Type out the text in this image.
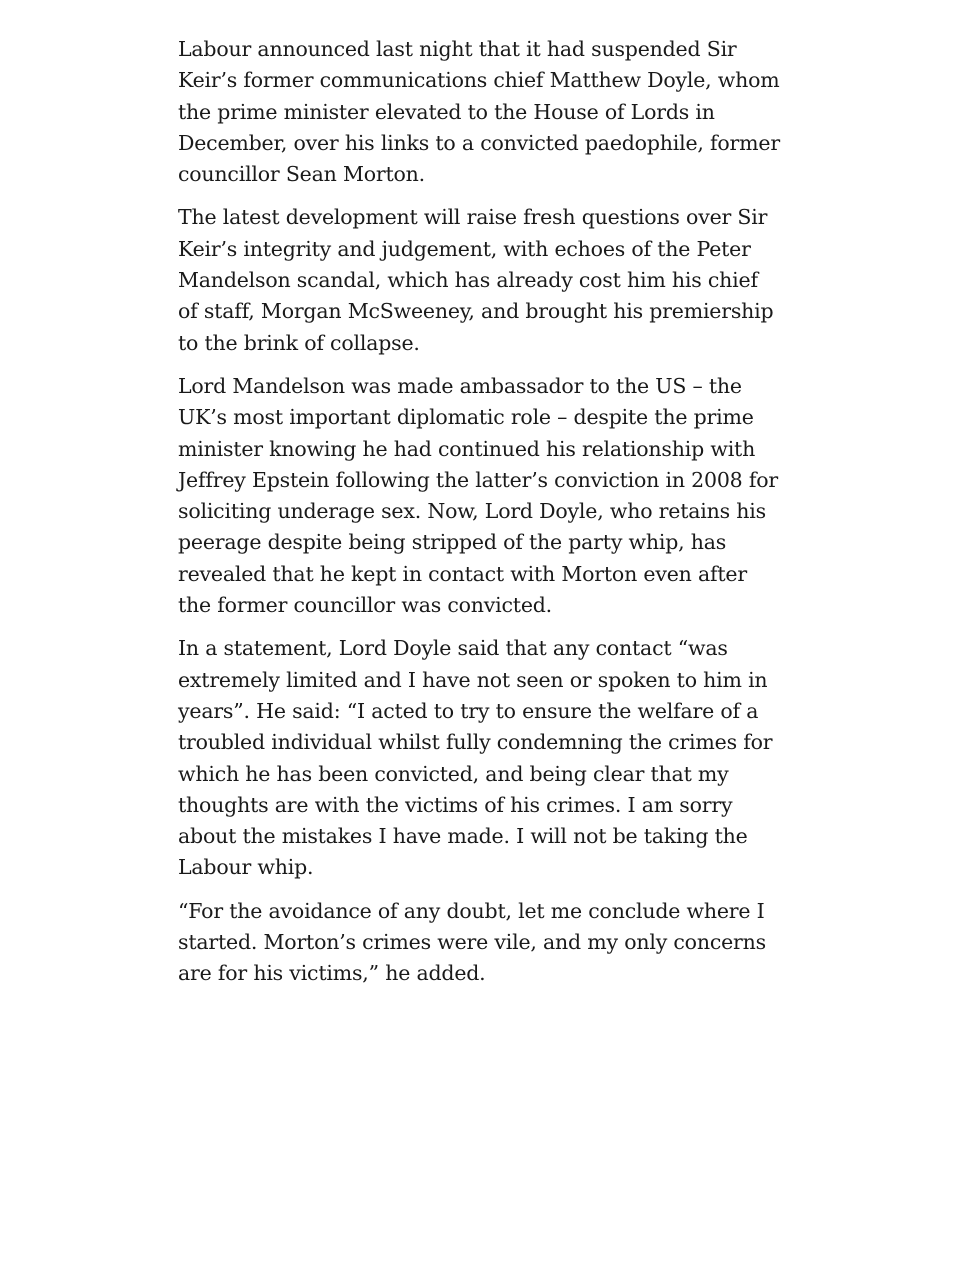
Labour announced last night that it had suspended Sir Keir’s former communications chief Matthew Doyle, whom the prime minister elevated to the House of Lords in December, over his links to a convicted paedophile, former councillor Sean Morton.

The latest development will raise fresh questions over Sir Keir’s integrity and judgement, with echoes of the Peter Mandelson scandal, which has already cost him his chief of staff, Morgan McSweeney, and brought his premiership to the brink of collapse.

Lord Mandelson was made ambassador to the US – the UK’s most important diplomatic role – despite the prime minister knowing he had continued his relationship with Jeffrey Epstein following the latter’s conviction in 2008 for soliciting underage sex. Now, Lord Doyle, who retains his peerage despite being stripped of the party whip, has revealed that he kept in contact with Morton even after the former councillor was convicted.

In a statement, Lord Doyle said that any contact “was extremely limited and I have not seen or spoken to him in years”. He said: “I acted to try to ensure the welfare of a troubled individual whilst fully condemning the crimes for which he has been convicted, and being clear that my thoughts are with the victims of his crimes. I am sorry about the mistakes I have made. I will not be taking the Labour whip.

“For the avoidance of any doubt, let me conclude where I started. Morton’s crimes were vile, and my only concerns are for his victims,” he added.
